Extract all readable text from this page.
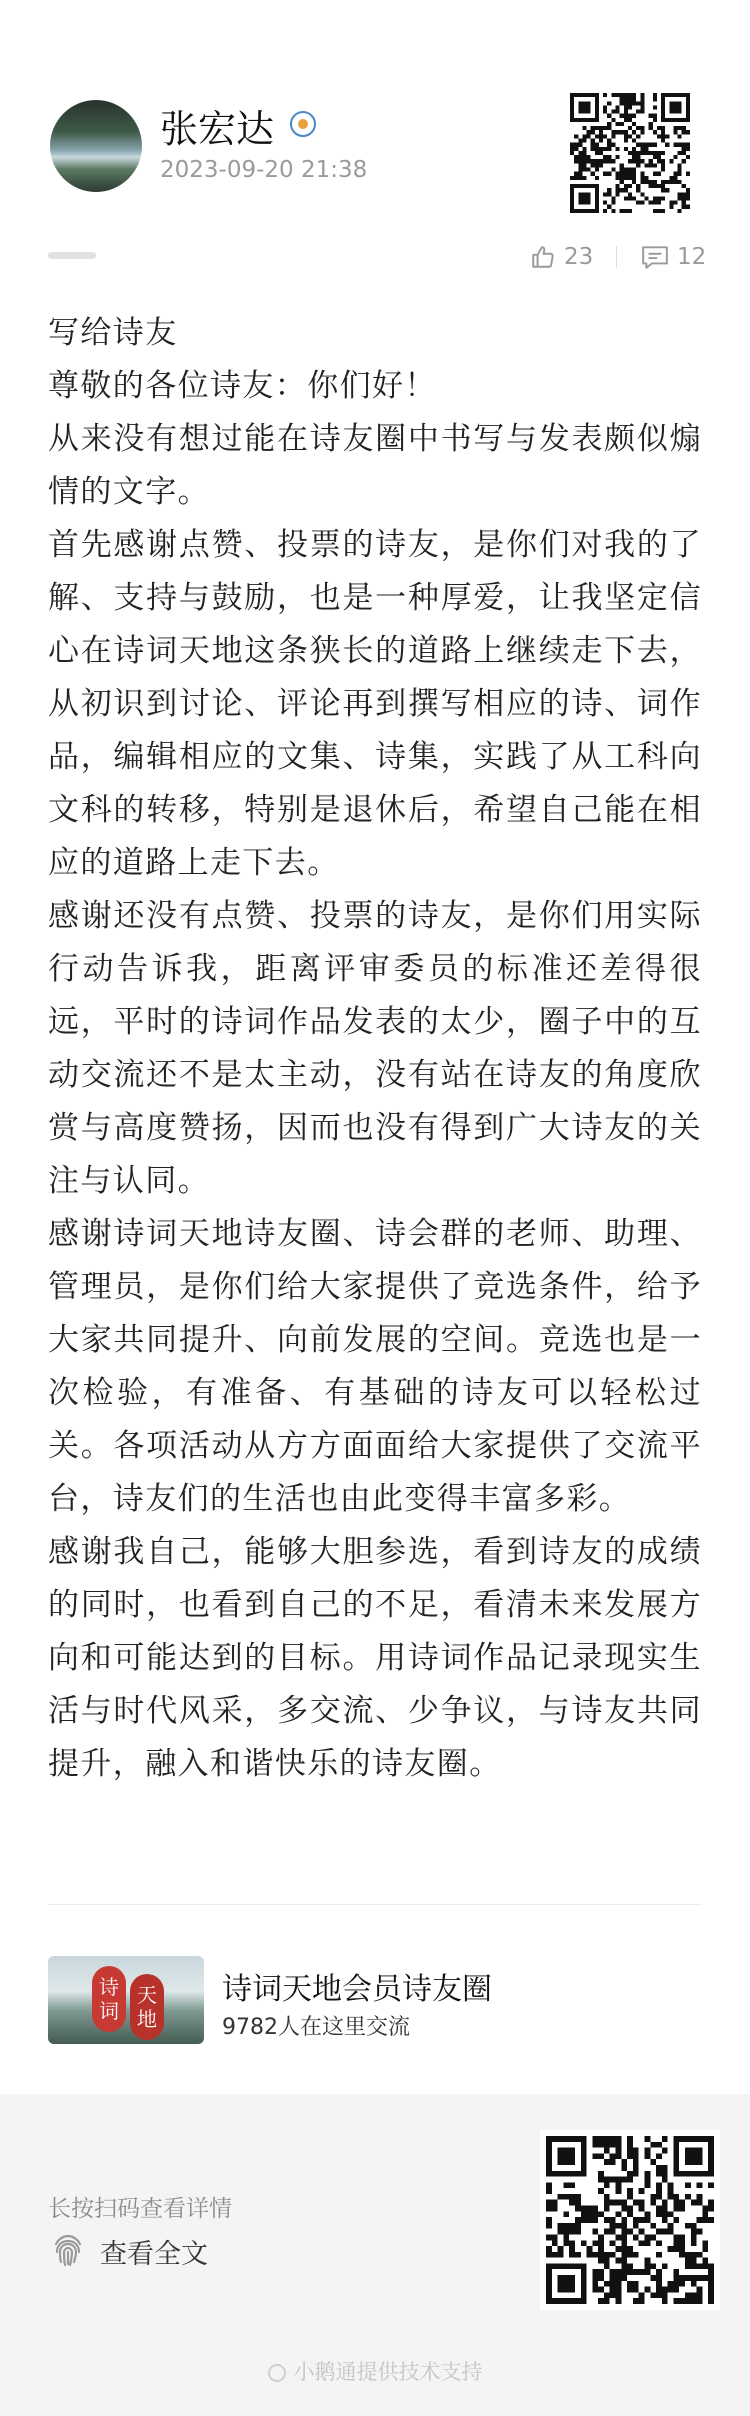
张宏达
2023-09-20 21:38
23	12

写给诗友

尊敬的各位诗友：你们好！

从来没有想过能在诗友圈中书写与发表颇似煽情的文字。

首先感谢点赞、投票的诗友，是你们对我的了解、支持与鼓励，也是一种厚爱，让我坚定信心在诗词天地这条狭长的道路上继续走下去，从初识到讨论、评论再到撰写相应的诗、词作品，编辑相应的文集、诗集，实践了从工科向文科的转移，特别是退休后，希望自己能在相应的道路上走下去。

感谢还没有点赞、投票的诗友，是你们用实际行动告诉我，距离评审委员的标准还差得很远，平时的诗词作品发表的太少，圈子中的互动交流还不是太主动，没有站在诗友的角度欣赏与高度赞扬，因而也没有得到广大诗友的关注与认同。

感谢诗词天地诗友圈、诗会群的老师、助理、管理员，是你们给大家提供了竞选条件，给予大家共同提升、向前发展的空间。竞选也是一次检验，有准备、有基础的诗友可以轻松过关。各项活动从方方面面给大家提供了交流平台，诗友们的生活也由此变得丰富多彩。

感谢我自己，能够大胆参选，看到诗友的成绩的同时，也看到自己的不足，看清未来发展方向和可能达到的目标。用诗词作品记录现实生活与时代风采，多交流、少争议，与诗友共同提升，融入和谐快乐的诗友圈。

诗
词
天
地
诗词天地会员诗友圈
9782人在这里交流
长按扫码查看详情
查看全文
小鹅通提供技术支持
